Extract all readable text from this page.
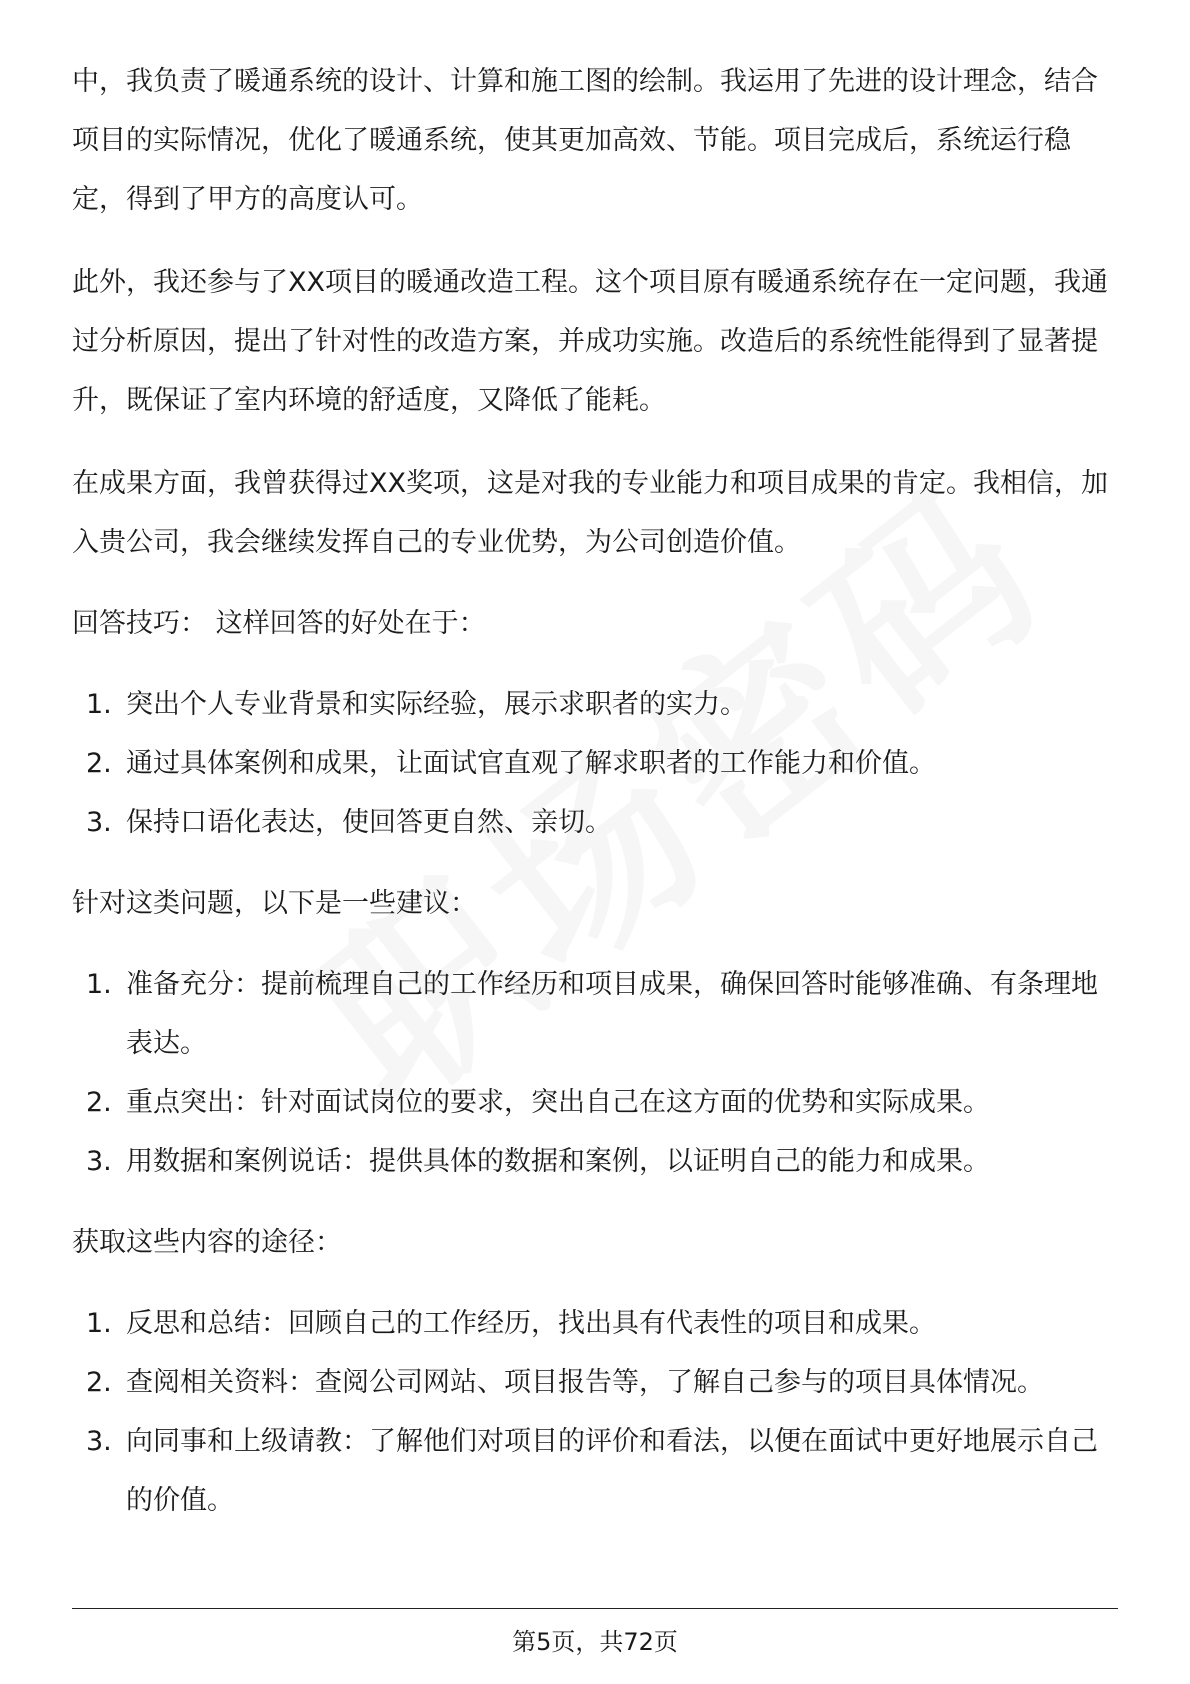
中，我负责了暖通系统的设计、计算和施工图的绘制。我运用了先进的设计理念，结合项目的实际情况，优化了暖通系统，使其更加高效、节能。项目完成后，系统运行稳定，得到了甲方的高度认可。

此外，我还参与了XX项目的暖通改造工程。这个项目原有暖通系统存在一定问题，我通过分析原因，提出了针对性的改造方案，并成功实施。改造后的系统性能得到了显著提升，既保证了室内环境的舒适度，又降低了能耗。

在成果方面，我曾获得过XX奖项，这是对我的专业能力和项目成果的肯定。我相信，加入贵公司，我会继续发挥自己的专业优势，为公司创造价值。

回答技巧： 这样回答的好处在于：

1. 突出个人专业背景和实际经验，展示求职者的实力。
2. 通过具体案例和成果，让面试官直观了解求职者的工作能力和价值。
3. 保持口语化表达，使回答更自然、亲切。

针对这类问题，以下是一些建议：

1. 准备充分：提前梳理自己的工作经历和项目成果，确保回答时能够准确、有条理地表达。
2. 重点突出：针对面试岗位的要求，突出自己在这方面的优势和实际成果。
3. 用数据和案例说话：提供具体的数据和案例，以证明自己的能力和成果。

获取这些内容的途径：

1. 反思和总结：回顾自己的工作经历，找出具有代表性的项目和成果。
2. 查阅相关资料：查阅公司网站、项目报告等，了解自己参与的项目具体情况。
3. 向同事和上级请教：了解他们对项目的评价和看法，以便在面试中更好地展示自己的价值。
第5页，共72页
